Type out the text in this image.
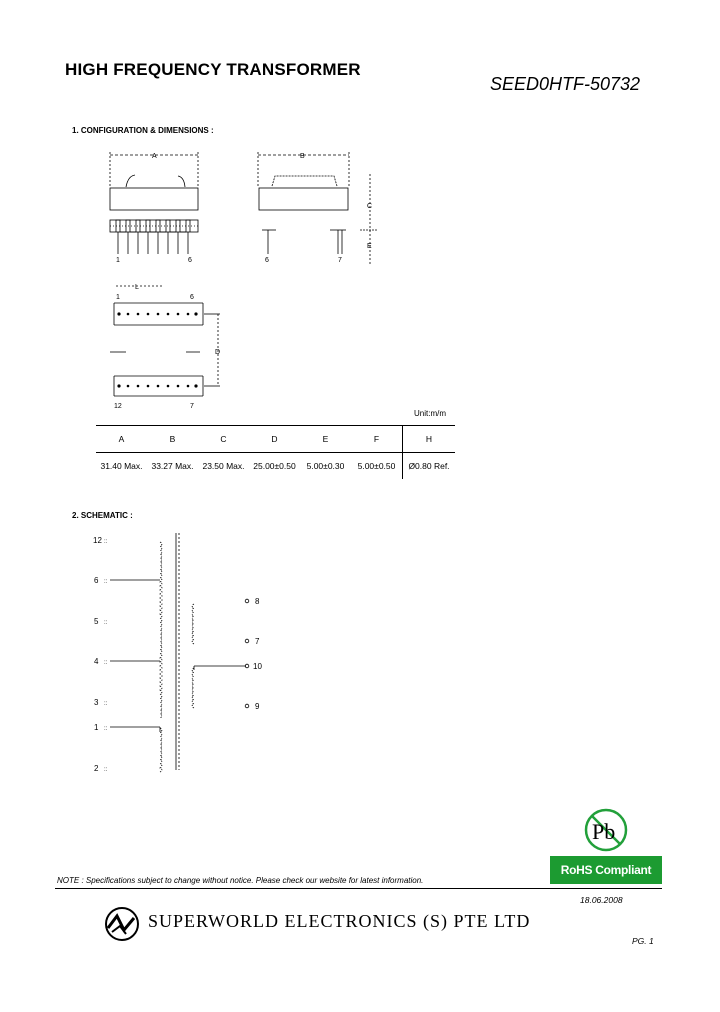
HIGH FREQUENCY TRANSFORMER
SEED0HTF-50732
1. CONFIGURATION & DIMENSIONS :
A	B
C
E
L
D
1	6	6	7
1	6
12	7
Unit:m/m
A	B	C	D	E	F	H
31.40 Max.	33.27 Max.	23.50 Max.	25.00±0.50	5.00±0.30	5.00±0.50	Ø0.80 Ref.
2. SCHEMATIC :
12
6
5
4
3
1
2
8
7
10
9
::
::
::
::
::
::
::
Pb
RoHS Compliant
NOTE : Specifications subject to change without notice. Please check our website for latest information.
18.06.2008
SUPERWORLD ELECTRONICS (S) PTE LTD
PG. 1
